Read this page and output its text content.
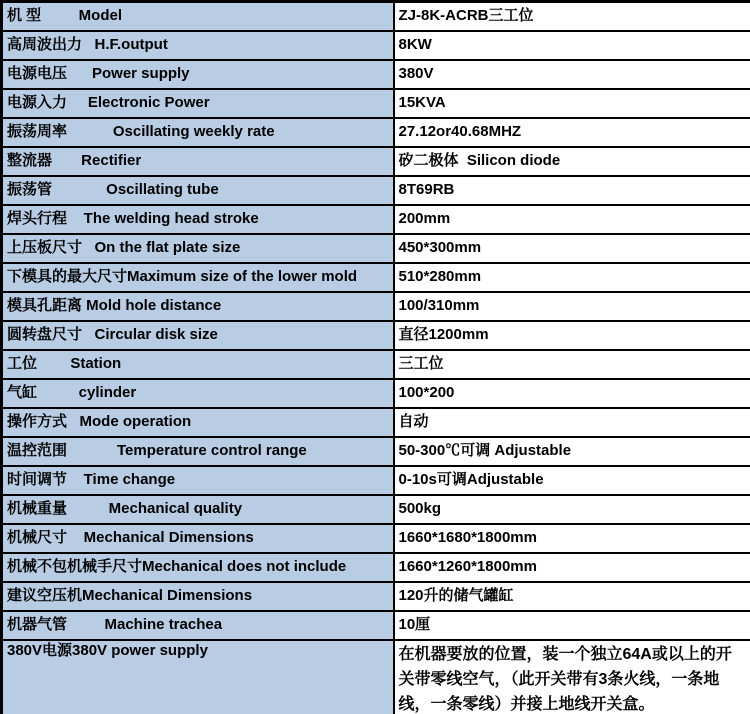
机 型         Model	ZJ-8K-ACRB三工位
高周波出力   H.F.output	8KW
电源电压      Power supply	380V
电源入力     Electronic Power	15KVA
振荡周率           Oscillating weekly rate	27.12or40.68MHZ
整流器       Rectifier	矽二极体  Silicon diode
振荡管             Oscillating tube	8T69RB
焊头行程    The welding head stroke	200mm
上压板尺寸   On the flat plate size	450*300mm
下模具的最大尺寸Maximum size of the lower mold	510*280mm
模具孔距离 Mold hole distance	100/310mm
圆转盘尺寸   Circular disk size	直径1200mm
工位        Station	三工位
气缸          cylinder	100*200
操作方式   Mode operation	自动
温控范围            Temperature control range	50-300℃可调 Adjustable
时间调节    Time change	0-10s可调Adjustable
机械重量          Mechanical quality	500kg
机械尺寸    Mechanical Dimensions	1660*1680*1800mm
机械不包机械手尺寸Mechanical does not include	1660*1260*1800mm
建议空压机Mechanical Dimensions	120升的储气罐缸
机器气管         Machine trachea	10厘
380V电源380V power supply	在机器要放的位置，装一个独立64A或以上的开关带零线空气，（此开关带有3条火线，一条地线，一条零线）并接上地线开关盒。
